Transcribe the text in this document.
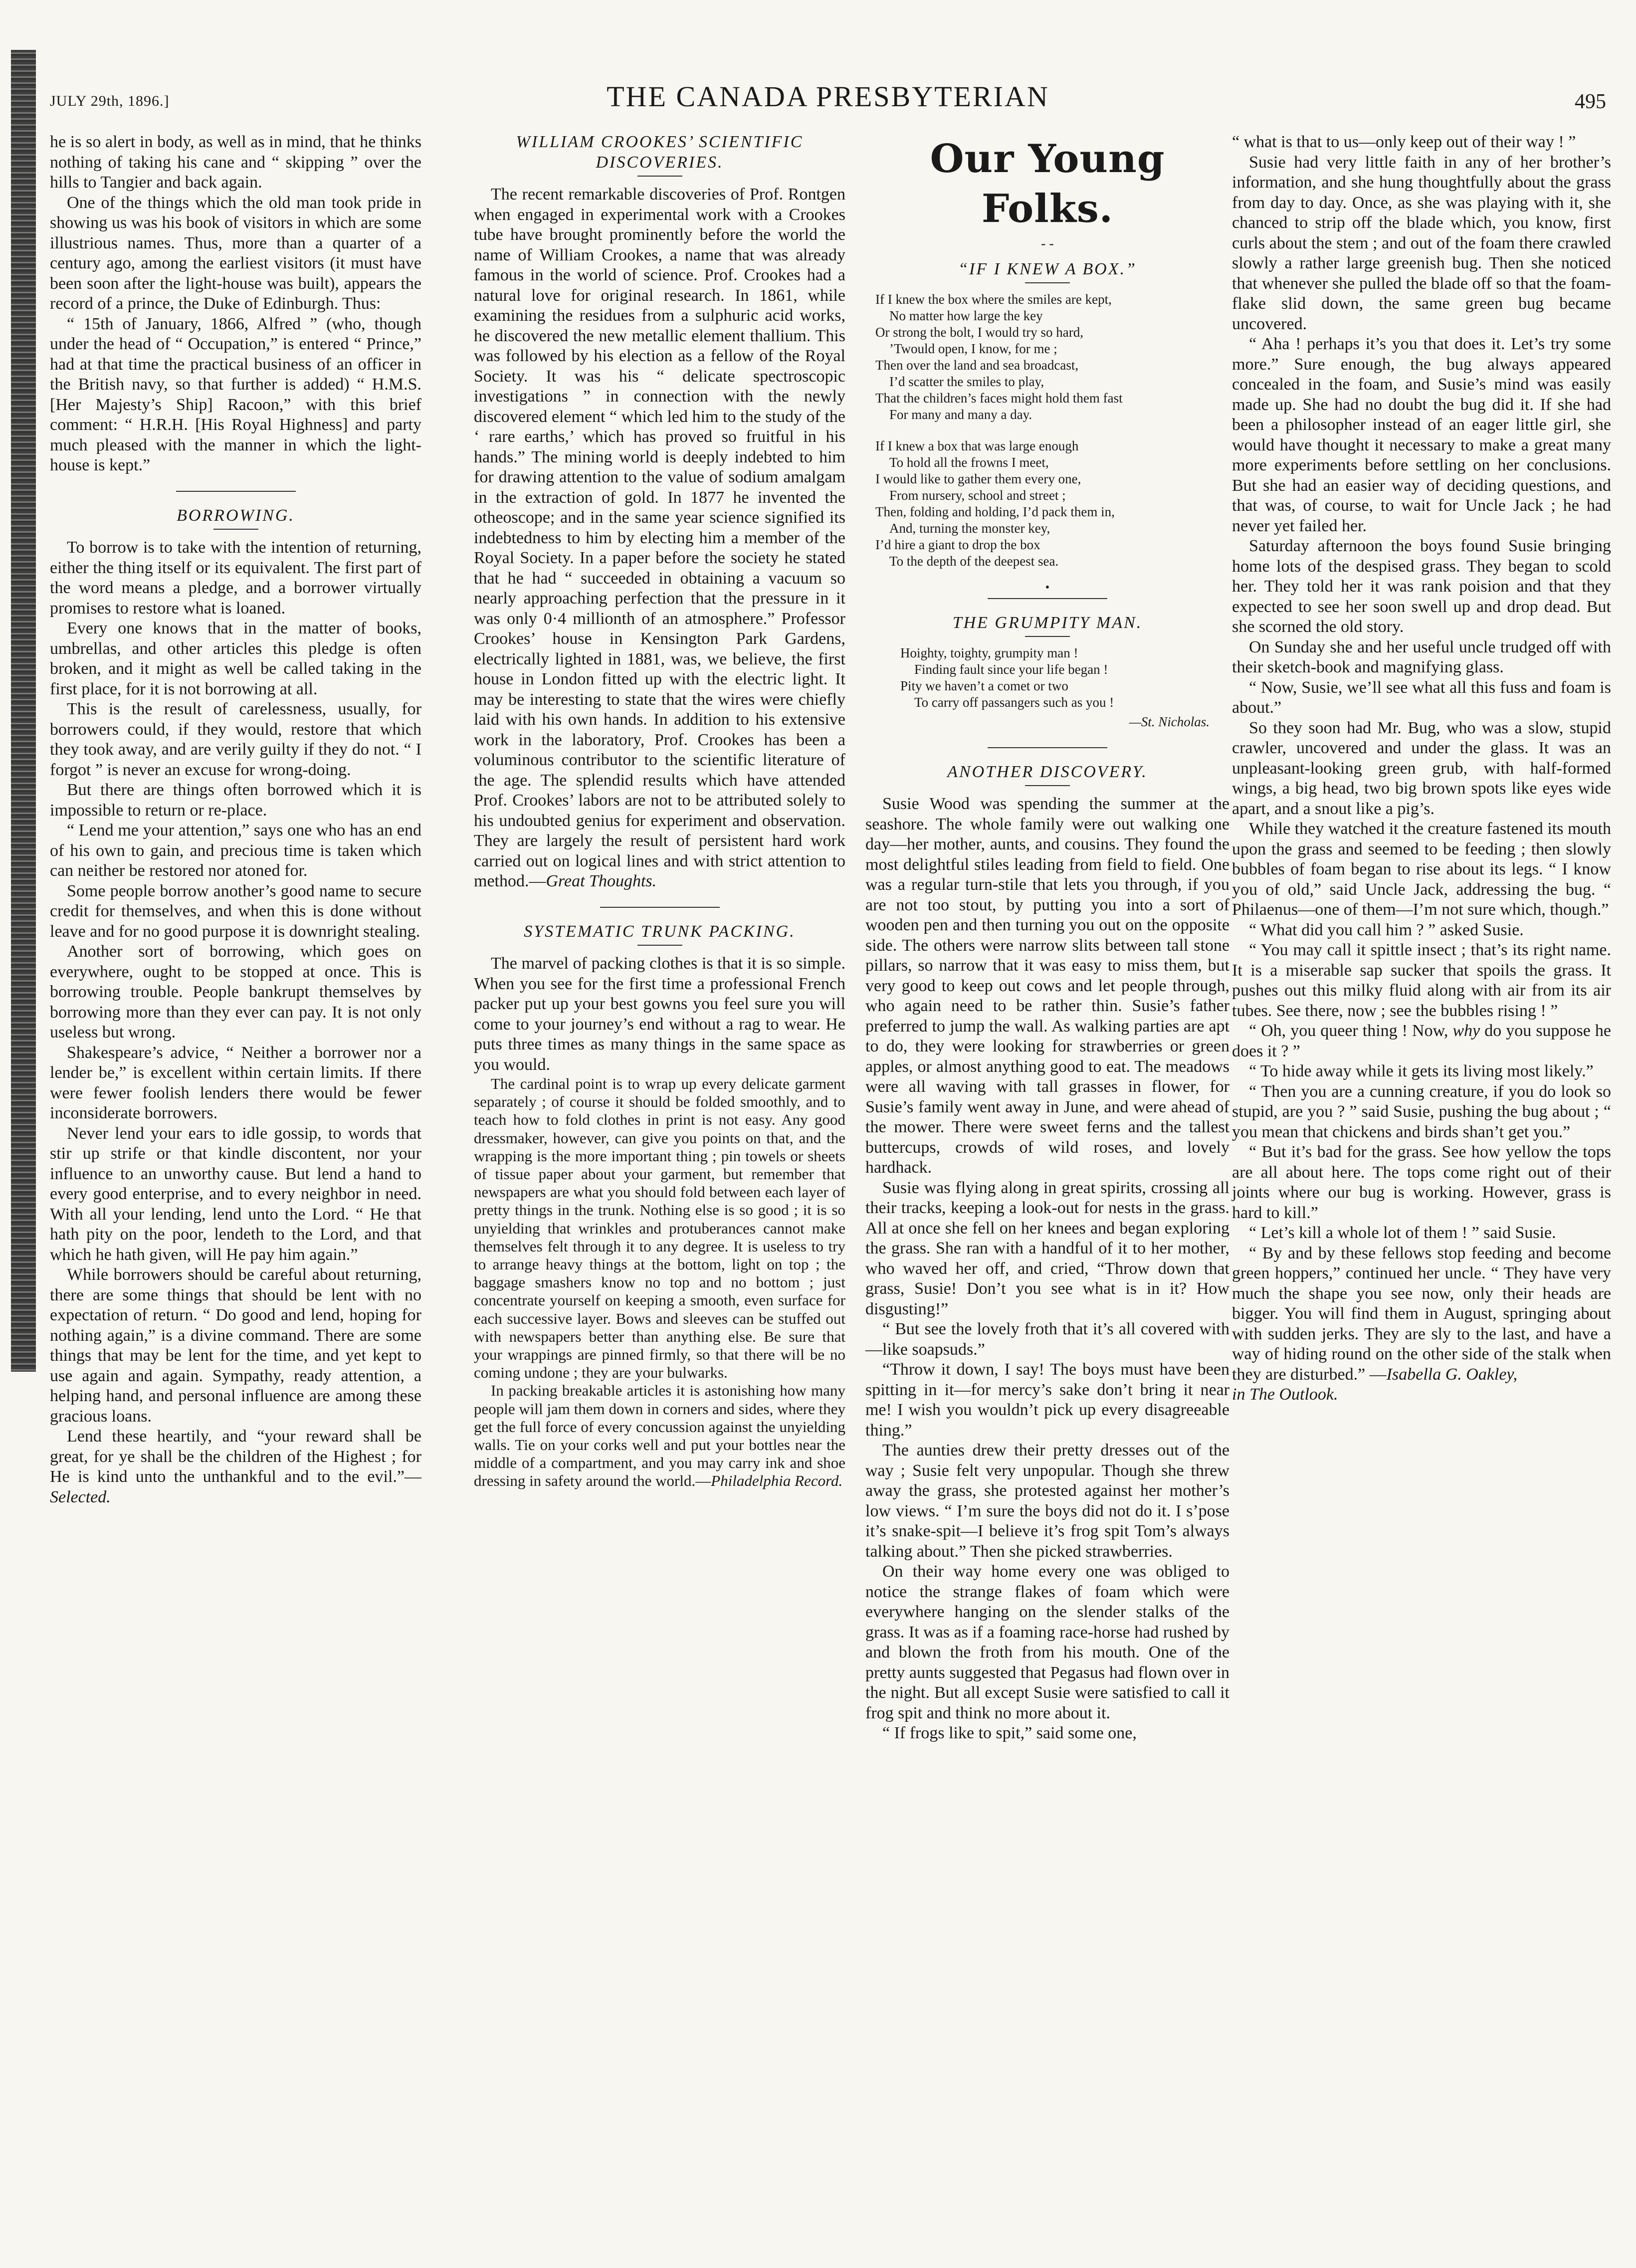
JULY 29th, 1896.]	THE CANADA PRESBYTERIAN	495

he is so alert in body, as well as in mind, that he thinks nothing of taking his cane and “ skipping ” over the hills to Tangier and back again.

One of the things which the old man took pride in showing us was his book of visitors in which are some illustrious names. Thus, more than a quarter of a century ago, among the earliest visitors (it must have been soon after the light-house was built), appears the record of a prince, the Duke of Edinburgh. Thus:

“ 15th of January, 1866, Alfred ” (who, though under the head of “ Occupation,” is entered “ Prince,” had at that time the practical business of an officer in the British navy, so that further is added) “ H.M.S. [Her Majesty’s Ship] Racoon,” with this brief comment: “ H.R.H. [His Royal Highness] and party much pleased with the manner in which the light-house is kept.”

BORROWING.

To borrow is to take with the intention of returning, either the thing itself or its equivalent. The first part of the word means a pledge, and a borrower virtually promises to restore what is loaned.

Every one knows that in the matter of books, umbrellas, and other articles this pledge is often broken, and it might as well be called taking in the first place, for it is not borrowing at all.

This is the result of carelessness, usually, for borrowers could, if they would, restore that which they took away, and are verily guilty if they do not. “ I forgot ” is never an excuse for wrong-doing.

But there are things often borrowed which it is impossible to return or re-place.

“ Lend me your attention,” says one who has an end of his own to gain, and precious time is taken which can neither be restored nor atoned for.

Some people borrow another’s good name to secure credit for themselves, and when this is done without leave and for no good purpose it is downright stealing.

Another sort of borrowing, which goes on everywhere, ought to be stopped at once. This is borrowing trouble. People bankrupt themselves by borrowing more than they ever can pay. It is not only useless but wrong.

Shakespeare’s advice, “ Neither a borrower nor a lender be,” is excellent within certain limits. If there were fewer foolish lenders there would be fewer inconsiderate borrowers.

Never lend your ears to idle gossip, to words that stir up strife or that kindle discontent, nor your influence to an unworthy cause. But lend a hand to every good enterprise, and to every neighbor in need. With all your lending, lend unto the Lord. “ He that hath pity on the poor, lendeth to the Lord, and that which he hath given, will He pay him again.”

While borrowers should be careful about returning, there are some things that should be lent with no expectation of return. “ Do good and lend, hoping for nothing again,” is a divine command. There are some things that may be lent for the time, and yet kept to use again and again. Sympathy, ready attention, a helping hand, and personal influence are among these gracious loans.

Lend these heartily, and “your reward shall be great, for ye shall be the children of the Highest ; for He is kind unto the unthankful and to the evil.”—Selected.

WILLIAM CROOKES’ SCIENTIFIC
DISCOVERIES.

The recent remarkable discoveries of Prof. Rontgen when engaged in experimental work with a Crookes tube have brought prominently before the world the name of William Crookes, a name that was already famous in the world of science. Prof. Crookes had a natural love for original research. In 1861, while examining the residues from a sulphuric acid works, he discovered the new metallic element thallium. This was followed by his election as a fellow of the Royal Society. It was his “ delicate spectroscopic investigations ” in connection with the newly discovered element “ which led him to the study of the ‘ rare earths,’ which has proved so fruitful in his hands.” The mining world is deeply indebted to him for drawing attention to the value of sodium amalgam in the extraction of gold. In 1877 he invented the otheoscope; and in the same year science signified its indebtedness to him by electing him a member of the Royal Society. In a paper before the society he stated that he had “ succeeded in obtaining a vacuum so nearly approaching perfection that the pressure in it was only 0·4 millionth of an atmosphere.” Professor Crookes’ house in Kensington Park Gardens, electrically lighted in 1881, was, we believe, the first house in London fitted up with the electric light. It may be interesting to state that the wires were chiefly laid with his own hands. In addition to his extensive work in the laboratory, Prof. Crookes has been a voluminous contributor to the scientific literature of the age. The splendid results which have attended Prof. Crookes’ labors are not to be attributed solely to his undoubted genius for experiment and observation. They are largely the result of persistent hard work carried out on logical lines and with strict attention to method.—Great Thoughts.

SYSTEMATIC TRUNK PACKING.

The marvel of packing clothes is that it is so simple. When you see for the first time a professional French packer put up your best gowns you feel sure you will come to your journey’s end without a rag to wear. He puts three times as many things in the same space as you would.

The cardinal point is to wrap up every delicate garment separately ; of course it should be folded smoothly, and to teach how to fold clothes in print is not easy. Any good dressmaker, however, can give you points on that, and the wrapping is the more important thing ; pin towels or sheets of tissue paper about your garment, but remember that newspapers are what you should fold between each layer of pretty things in the trunk. Nothing else is so good ; it is so unyielding that wrinkles and protuberances cannot make themselves felt through it to any degree. It is useless to try to arrange heavy things at the bottom, light on top ; the baggage smashers know no top and no bottom ; just concentrate yourself on keeping a smooth, even surface for each successive layer. Bows and sleeves can be stuffed out with newspapers better than anything else. Be sure that your wrappings are pinned firmly, so that there will be no coming undone ; they are your bulwarks.

In packing breakable articles it is astonishing how many people will jam them down in corners and sides, where they get the full force of every concussion against the unyielding walls. Tie on your corks well and put your bottles near the middle of a compartment, and you may carry ink and shoe dressing in safety around the world.—Philadelphia Record.

Our Young Folks.
- -
“IF I KNEW A BOX.”
If I knew the box where the smiles are kept,
No matter how large the key
Or strong the bolt, I would try so hard,
’Twould open, I know, for me ;
Then over the land and sea broadcast,
I’d scatter the smiles to play,
That the children’s faces might hold them fast
For many and many a day.
If I knew a box that was large enough
To hold all the frowns I meet,
I would like to gather them every one,
From nursery, school and street ;
Then, folding and holding, I’d pack them in,
And, turning the monster key,
I’d hire a giant to drop the box
To the depth of the deepest sea.
•
THE GRUMPITY MAN.
Hoighty, toighty, grumpity man !
Finding fault since your life began !
Pity we haven’t a comet or two
To carry off passangers such as you !
—St. Nicholas.
ANOTHER DISCOVERY.

Susie Wood was spending the summer at the seashore. The whole family were out walking one day—her mother, aunts, and cousins. They found the most delightful stiles leading from field to field. One was a regular turn-stile that lets you through, if you are not too stout, by putting you into a sort of wooden pen and then turning you out on the opposite side. The others were narrow slits between tall stone pillars, so narrow that it was easy to miss them, but very good to keep out cows and let people through, who again need to be rather thin. Susie’s father preferred to jump the wall. As walking parties are apt to do, they were looking for strawberries or green apples, or almost anything good to eat. The meadows were all waving with tall grasses in flower, for Susie’s family went away in June, and were ahead of the mower. There were sweet ferns and the tallest buttercups, crowds of wild roses, and lovely hardhack.

Susie was flying along in great spirits, crossing all their tracks, keeping a look-out for nests in the grass. All at once she fell on her knees and began exploring the grass. She ran with a handful of it to her mother, who waved her off, and cried, “Throw down that grass, Susie! Don’t you see what is in it? How disgusting!”

“ But see the lovely froth that it’s all covered with—like soapsuds.”

“Throw it down, I say! The boys must have been spitting in it—for mercy’s sake don’t bring it near me! I wish you wouldn’t pick up every disagreeable thing.”

The aunties drew their pretty dresses out of the way ; Susie felt very unpopular. Though she threw away the grass, she protested against her mother’s low views. “ I’m sure the boys did not do it. I s’pose it’s snake-spit—I believe it’s frog spit Tom’s always talking about.” Then she picked strawberries.

On their way home every one was obliged to notice the strange flakes of foam which were everywhere hanging on the slender stalks of the grass. It was as if a foaming race-horse had rushed by and blown the froth from his mouth. One of the pretty aunts suggested that Pegasus had flown over in the night. But all except Susie were satisfied to call it frog spit and think no more about it.

“ If frogs like to spit,” said some one,

“ what is that to us—only keep out of their way ! ”

Susie had very little faith in any of her brother’s information, and she hung thoughtfully about the grass from day to day. Once, as she was playing with it, she chanced to strip off the blade which, you know, first curls about the stem ; and out of the foam there crawled slowly a rather large greenish bug. Then she noticed that whenever she pulled the blade off so that the foam-flake slid down, the same green bug became uncovered.

“ Aha ! perhaps it’s you that does it. Let’s try some more.” Sure enough, the bug always appeared concealed in the foam, and Susie’s mind was easily made up. She had no doubt the bug did it. If she had been a philosopher instead of an eager little girl, she would have thought it necessary to make a great many more experiments before settling on her conclusions. But she had an easier way of deciding questions, and that was, of course, to wait for Uncle Jack ; he had never yet failed her.

Saturday afternoon the boys found Susie bringing home lots of the despised grass. They began to scold her. They told her it was rank poision and that they expected to see her soon swell up and drop dead. But she scorned the old story.

On Sunday she and her useful uncle trudged off with their sketch-book and magnifying glass.

“ Now, Susie, we’ll see what all this fuss and foam is about.”

So they soon had Mr. Bug, who was a slow, stupid crawler, uncovered and under the glass. It was an unpleasant-looking green grub, with half-formed wings, a big head, two big brown spots like eyes wide apart, and a snout like a pig’s.

While they watched it the creature fastened its mouth upon the grass and seemed to be feeding ; then slowly bubbles of foam began to rise about its legs. “ I know you of old,” said Uncle Jack, addressing the bug. “ Philaenus—one of them—I’m not sure which, though.”

“ What did you call him ? ” asked Susie.

“ You may call it spittle insect ; that’s its right name. It is a miserable sap sucker that spoils the grass. It pushes out this milky fluid along with air from its air tubes. See there, now ; see the bubbles rising ! ”

“ Oh, you queer thing ! Now, why do you suppose he does it ? ”

“ To hide away while it gets its living most likely.”

“ Then you are a cunning creature, if you do look so stupid, are you ? ” said Susie, pushing the bug about ; “ you mean that chickens and birds shan’t get you.”

“ But it’s bad for the grass. See how yellow the tops are all about here. The tops come right out of their joints where our bug is working. However, grass is hard to kill.”

“ Let’s kill a whole lot of them ! ” said Susie.

“ By and by these fellows stop feeding and become green hoppers,” continued her uncle. “ They have very much the shape you see now, only their heads are bigger. You will find them in August, springing about with sudden jerks. They are sly to the last, and have a way of hiding round on the other side of the stalk when they are disturbed.” —Isabella G. Oakley,
in The Outlook.
